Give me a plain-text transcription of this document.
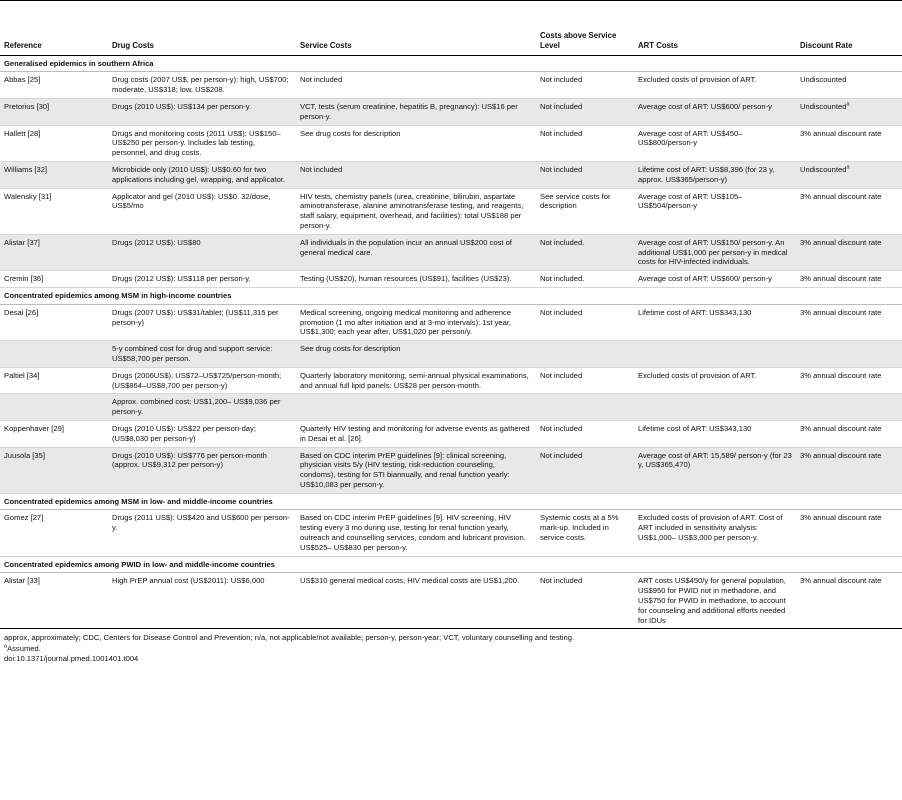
Reference	Drug Costs	Service Costs	Costs above Service Level	ART Costs	Discount Rate
Generalised epidemics in southern Africa					
Abbas [25]	Drug costs (2007 US$, per person-y): high, US$700; moderate, US$318; low, US$208.	Not included	Not included	Excluded costs of provision of ART.	Undiscounted
Pretorius [30]	Drugs (2010 US$): US$134 per person-y.	VCT, tests (serum creatinine, hepatitis B, pregnancy): US$16 per person-y.	Not included	Average cost of ART: US$600/ person-y	Undiscounted$^a$
Hallett [28]	Drugs and monitoring costs (2011 US$): US$150–US$250 per person-y. Includes lab testing, personnel, and drug costs.	See drug costs for description	Not included	Average cost of ART: US$450– US$800/person-y	3% annual discount rate
Williams [32]	Microbicide only (2010 US$): US$0.60 for two applications including gel, wrapping, and applicator.	Not included	Not included	Lifetime cost of ART: US$8,396 (for 23 y, approx. US$365/person-y)	Undiscounted$^a$
Walensky [31]	Applicator and gel (2010 US$): US$0. 32/dose, US$5/mo	HIV tests, chemistry panels (urea, creatinine, bilirubin, aspartate aminotransferase, alanine aminotransferase testing, and reagents, staff salary, equipment, overhead, and facilities): total US$188 per person-y.	See service costs for description	Average cost of ART: US$105– US$504/person-y	3% annual discount rate
Alistar [37]	Drugs (2012 US$): US$80	All individuals in the population incur an annual US$200 cost of general medical care.	Not included.	Average cost of ART: US$150/ person-y. An additional US$1,000 per person-y in medical costs for HIV-infected individuals.	3% annual discount rate
Cremin [36]	Drugs (2012 US$): US$118 per person-y.	Testing (US$20), human resources (US$91), facilities (US$23).	Not included.	Average cost of ART: US$600/ person-y	3% annual discount rate
Concentrated epidemics among MSM in high-income countries					
Desai [26]	Drugs (2007 US$): US$31/tablet; (US$11,315 per person-y)	Medical screening, ongoing medical monitoring and adherence promotion (1 mo after initiation and at 3-mo intervals): 1st year, US$1,300; each year after, US$1,020 per person/y.	Not included	Lifetime cost of ART: US$343,130	3% annual discount rate
	5-y combined cost for drug and support service: US$58,700 per person.	See drug costs for description			
Paltiel [34]	Drugs (2006US$): US$72–US$725/person-month; (US$864–US$8,700 per person-y)	Quarterly laboratory monitoring, semi-annual physical examinations, and annual full lipid panels: US$28 per person-month.	Not included	Excluded costs of provision of ART.	3% annual discount rate
	Approx. combined cost: US$1,200– US$9,036 per person-y.				
Koppenhaver [29]	Drugs (2010 US$): US$22 per person-day; (US$8,030 per person-y)	Quarterly HIV testing and monitoring for adverse events as gathered in Desai et al. [26].	Not included	Lifetime cost of ART: US$343,130	3% annual discount rate
Juusola [35]	Drugs (2010 US$): US$776 per person-month (approx. US$9,312 per person-y)	Based on CDC interim PrEP guidelines [9]: clinical screening, physician visits 5/y (HIV testing, risk-reduction counseling, condoms), testing for STI biannually, and renal function yearly: US$10,083 per person-y.	Not included	Average cost of ART: 15,589/ person-y (for 23 y, US$365,470)	3% annual discount rate
Concentrated epidemics among MSM in low- and middle-income countries					
Gomez [27]	Drugs (2011 US$): US$420 and US$600 per person-y.	Based on CDC interim PrEP guidelines [9]. HIV screening, HIV testing every 3 mo during use, testing for renal function yearly, outreach and counselling services, condom and lubricant provision. US$525– US$830 per person-y.	Systemic costs at a 5% mark-up. Included in service costs.	Excluded costs of provision of ART. Cost of ART included in sensitivity analysis: US$1,000– US$3,000 per person-y.	3% annual discount rate
Concentrated epidemics among PWID in low- and middle-income countries					
Alistar [33]	High PrEP annual cost (US$2011): US$6,000	US$310 general medical costs, HIV medical costs are US$1,200.	Not included	ART costs US$450/y for general population, US$950 for PWID not in methadone, and US$750 for PWID in methadone, to account for counseling and additional efforts needed for IDUs	3% annual discount rate
approx, approximately; CDC, Centers for Disease Control and Prevention; n/a, not applicable/not available; person-y, person-year; VCT, voluntary counselling and testing.
$^a$Assumed.
doi:10.1371/journal.pmed.1001401.t004
